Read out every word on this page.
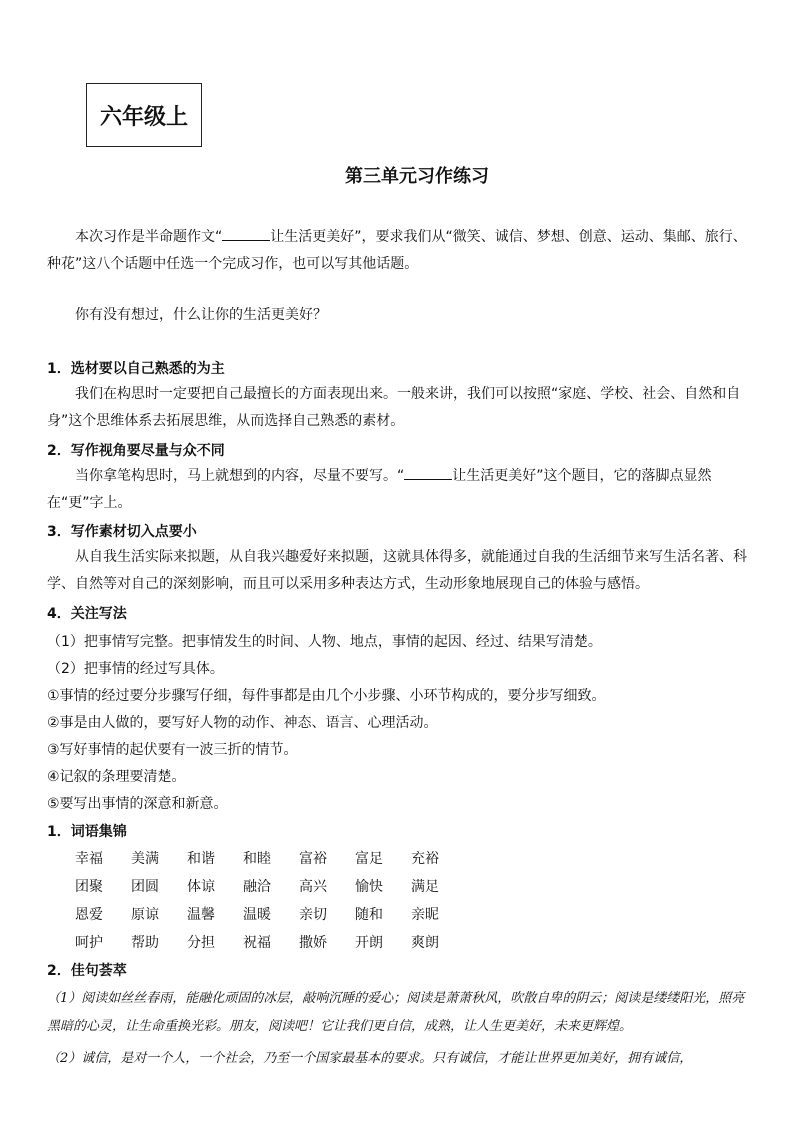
六年级上
第三单元习作练习

本次习作是半命题作文“	让生活更美好”，要求我们从“微笑、诚信、梦想、创意、运动、集邮、旅行、种花”这八个话题中任选一个完成习作，也可以写其他话题。

你有没有想过，什么让你的生活更美好？

1．选材要以自己熟悉的为主

我们在构思时一定要把自己最擅长的方面表现出来。一般来讲，我们可以按照“家庭、学校、社会、自然和自身”这个思维体系去拓展思维，从而选择自己熟悉的素材。

2．写作视角要尽量与众不同

当你拿笔构思时，马上就想到的内容，尽量不要写。“	让生活更美好”这个题目，它的落脚点显然在“更”字上。

3．写作素材切入点要小

从自我生活实际来拟题，从自我兴趣爱好来拟题，这就具体得多，就能通过自我的生活细节来写生活名著、科学、自然等对自己的深刻影响，而且可以采用多种表达方式，生动形象地展现自己的体验与感悟。

4．关注写法
（1）把事情写完整。把事情发生的时间、人物、地点，事情的起因、经过、结果写清楚。
（2）把事情的经过写具体。
①事情的经过要分步骤写仔细，每件事都是由几个小步骤、小环节构成的，要分步写细致。
②事是由人做的，要写好人物的动作、神态、语言、心理活动。
③写好事情的起伏要有一波三折的情节。
④记叙的条理要清楚。
⑤要写出事情的深意和新意。
1．词语集锦
幸福 美满 和谐 和睦 富裕 富足 充裕
团聚 团圆 体谅 融洽 高兴 愉快 满足
恩爱 原谅 温馨 温暖 亲切 随和 亲昵
呵护 帮助 分担 祝福 撒娇 开朗 爽朗
2．佳句荟萃
（1）阅读如丝丝春雨，能融化顽固的冰层，敲响沉睡的爱心；阅读是萧萧秋风，吹散自卑的阴云；阅读是缕缕阳光，照亮黑暗的心灵，让生命重换光彩。朋友，阅读吧！它让我们更自信，成熟，让人生更美好，未来更辉煌。
（2）诚信，是对一个人，一个社会，乃至一个国家最基本的要求。只有诚信，才能让世界更加美好，拥有诚信，
